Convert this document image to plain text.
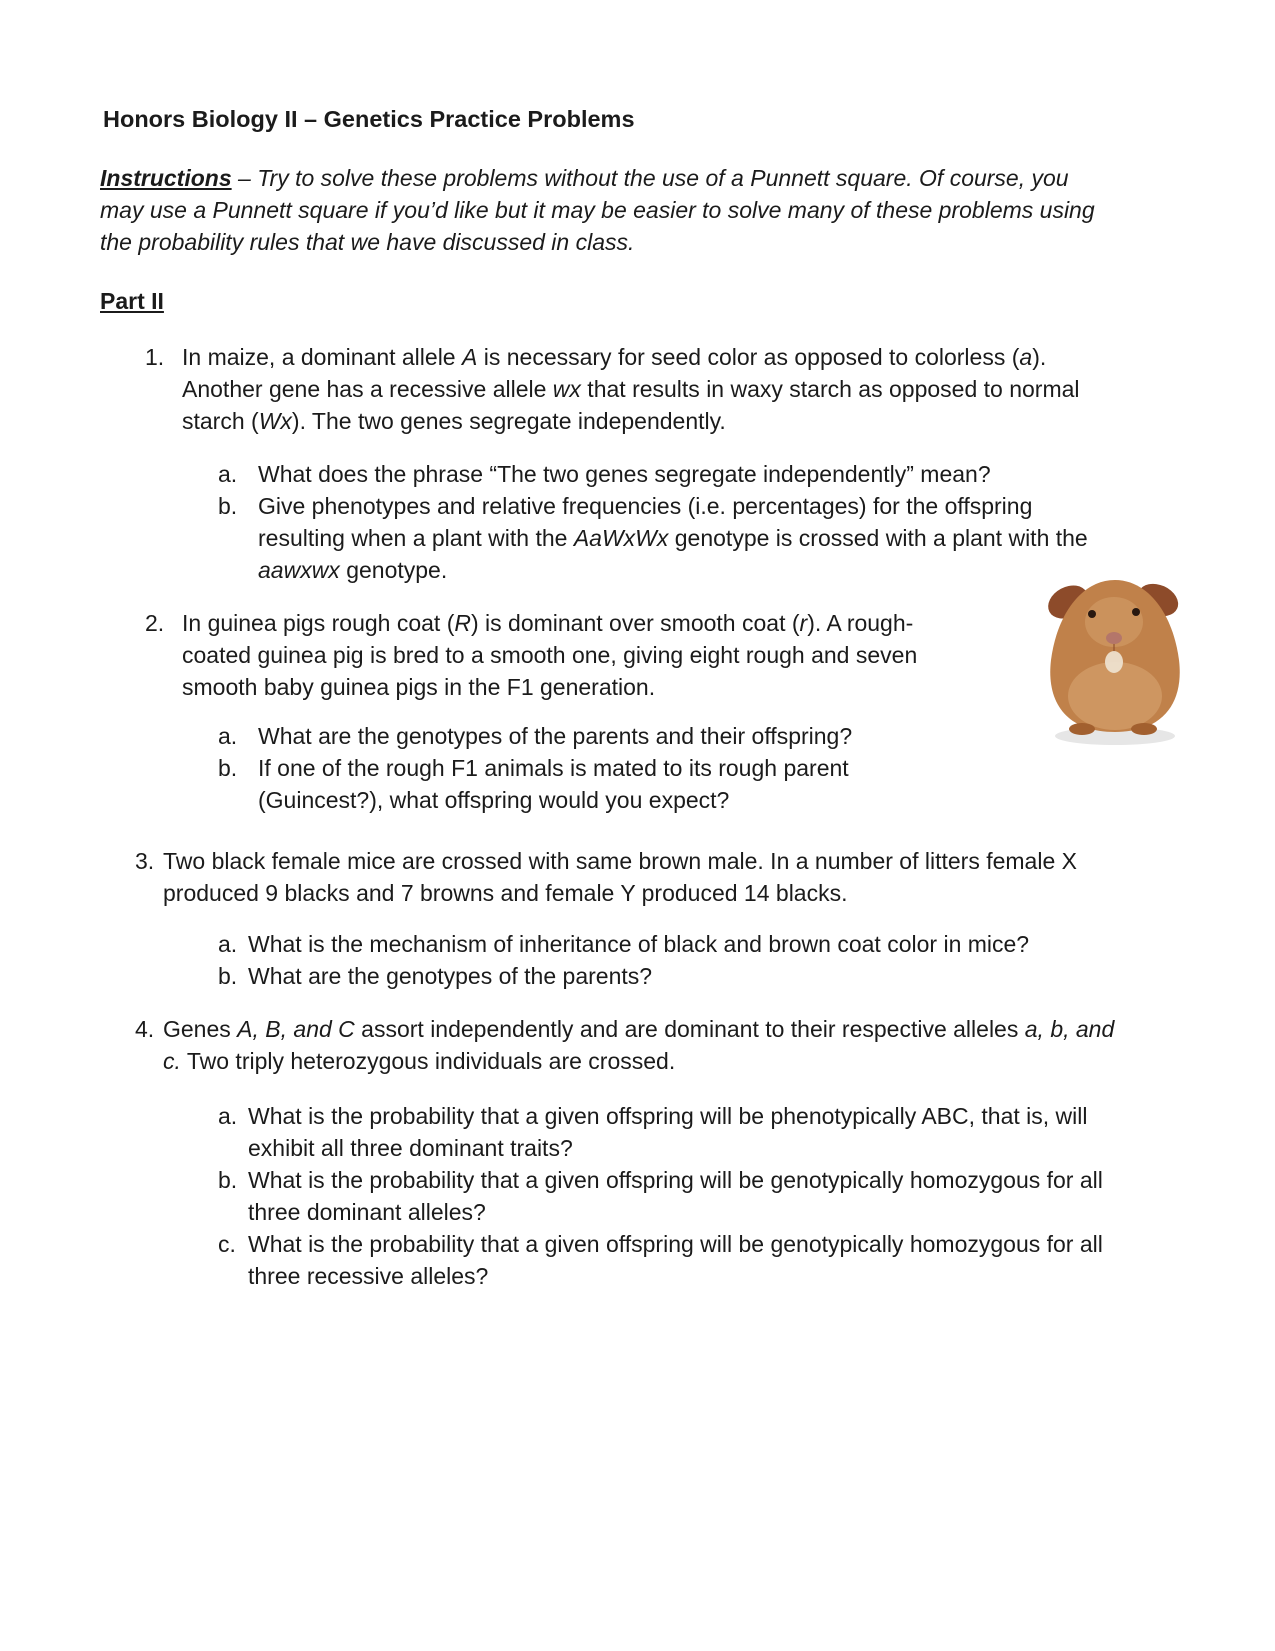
Honors Biology II – Genetics Practice Problems

Instructions – Try to solve these problems without the use of a Punnett square. Of course, you may use a Punnett square if you’d like but it may be easier to solve many of these problems using the probability rules that we have discussed in class.

Part II
1. In maize, a dominant allele A is necessary for seed color as opposed to colorless (a). Another gene has a recessive allele wx that results in waxy starch as opposed to normal starch (Wx). The two genes segregate independently.
a. What does the phrase “The two genes segregate independently” mean?
b. Give phenotypes and relative frequencies (i.e. percentages) for the offspring resulting when a plant with the AaWxWx genotype is crossed with a plant with the aawxwx genotype.
2. In guinea pigs rough coat (R) is dominant over smooth coat (r). A rough-coated guinea pig is bred to a smooth one, giving eight rough and seven smooth baby guinea pigs in the F1 generation.
a. What are the genotypes of the parents and their offspring?
b. If one of the rough F1 animals is mated to its rough parent (Guincest?), what offspring would you expect?
3. Two black female mice are crossed with same brown male. In a number of litters female X produced 9 blacks and 7 browns and female Y produced 14 blacks.
a. What is the mechanism of inheritance of black and brown coat color in mice?
b. What are the genotypes of the parents?
4. Genes A, B, and C assort independently and are dominant to their respective alleles a, b, and c. Two triply heterozygous individuals are crossed.
a. What is the probability that a given offspring will be phenotypically ABC, that is, will exhibit all three dominant traits?
b. What is the probability that a given offspring will be genotypically homozygous for all three dominant alleles?
c. What is the probability that a given offspring will be genotypically homozygous for all three recessive alleles?
